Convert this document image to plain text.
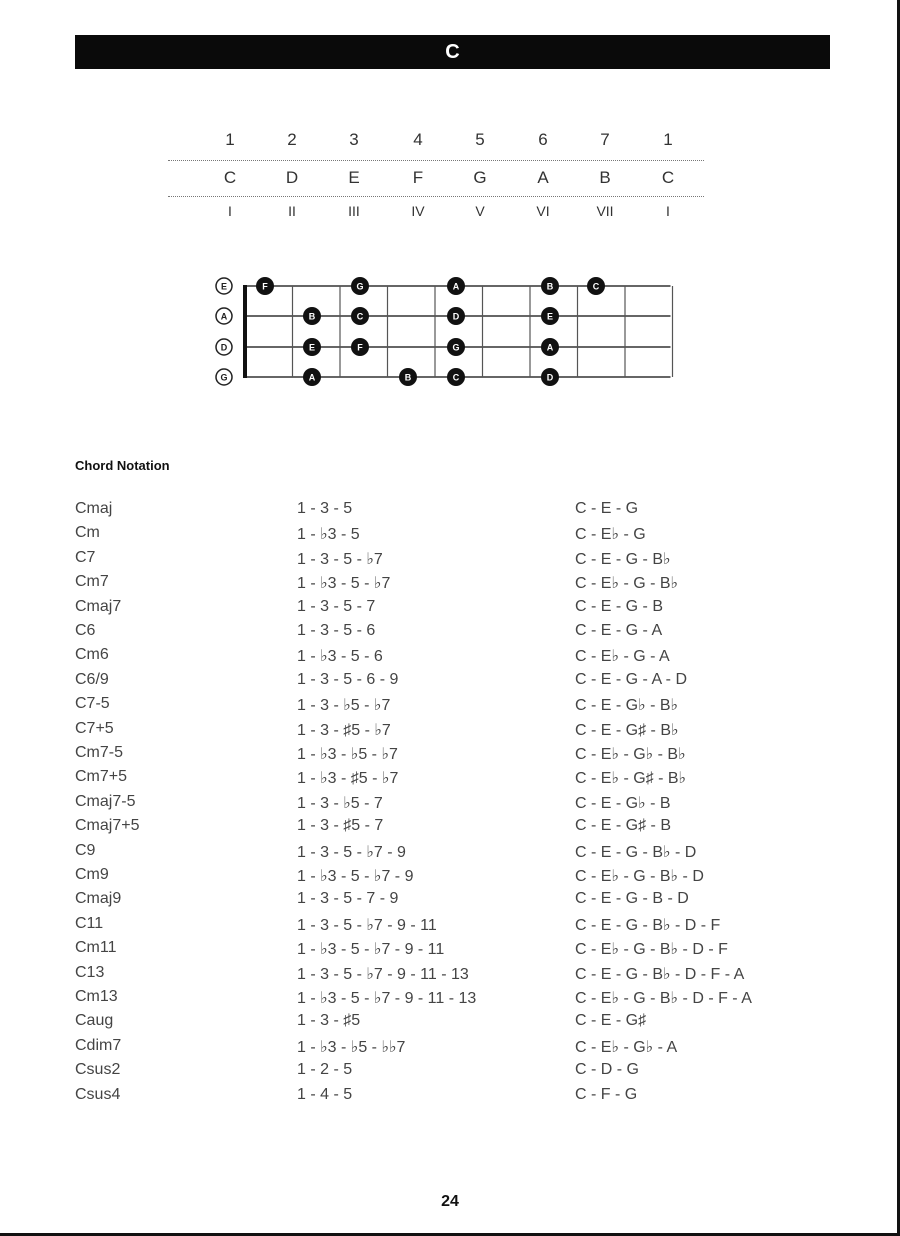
C
1	2	3	4	5	6	7	1
C	D	E	F	G	A	B	C
I	II	III	IV	V	VI	VII	I
E
A
D
G
F	G	A	B	C
B	C	D	E
E	F	G	A
A	B	C	D
Chord Notation
Cmaj	1 - 3 - 5	C - E - G
Cm	1 - ♭3 - 5	C - E♭ - G
C7	1 - 3 - 5 - ♭7	C - E - G - B♭
Cm7	1 - ♭3 - 5 - ♭7	C - E♭ - G - B♭
Cmaj7	1 - 3 - 5 - 7	C - E - G - B
C6	1 - 3 - 5 - 6	C - E - G - A
Cm6	1 - ♭3 - 5 - 6	C - E♭ - G - A
C6/9	1 - 3 - 5 - 6 - 9	C - E - G - A - D
C7-5	1 - 3 - ♭5 - ♭7	C - E - G♭ - B♭
C7+5	1 - 3 - ♯5 - ♭7	C - E - G♯ - B♭
Cm7-5	1 - ♭3 - ♭5 - ♭7	C - E♭ - G♭ - B♭
Cm7+5	1 - ♭3 - ♯5 - ♭7	C - E♭ - G♯ - B♭
Cmaj7-5	1 - 3 - ♭5 - 7	C - E - G♭ - B
Cmaj7+5	1 - 3 - ♯5 - 7	C - E - G♯ - B
C9	1 - 3 - 5 - ♭7 - 9	C - E - G - B♭ - D
Cm9	1 - ♭3 - 5 - ♭7 - 9	C - E♭ - G - B♭ - D
Cmaj9	1 - 3 - 5 - 7 - 9	C - E - G - B - D
C11	1 - 3 - 5 - ♭7 - 9 - 11	C - E - G - B♭ - D - F
Cm11	1 - ♭3 - 5 - ♭7 - 9 - 11	C - E♭ - G - B♭ - D - F
C13	1 - 3 - 5 - ♭7 - 9 - 11 - 13	C - E - G - B♭ - D - F - A
Cm13	1 - ♭3 - 5 - ♭7 - 9 - 11 - 13	C - E♭ - G - B♭ - D - F - A
Caug	1 - 3 - ♯5	C - E - G♯
Cdim7	1 - ♭3 - ♭5 - ♭♭7	C - E♭ - G♭ - A
Csus2	1 - 2 - 5	C - D - G
Csus4	1 - 4 - 5	C - F - G
24
